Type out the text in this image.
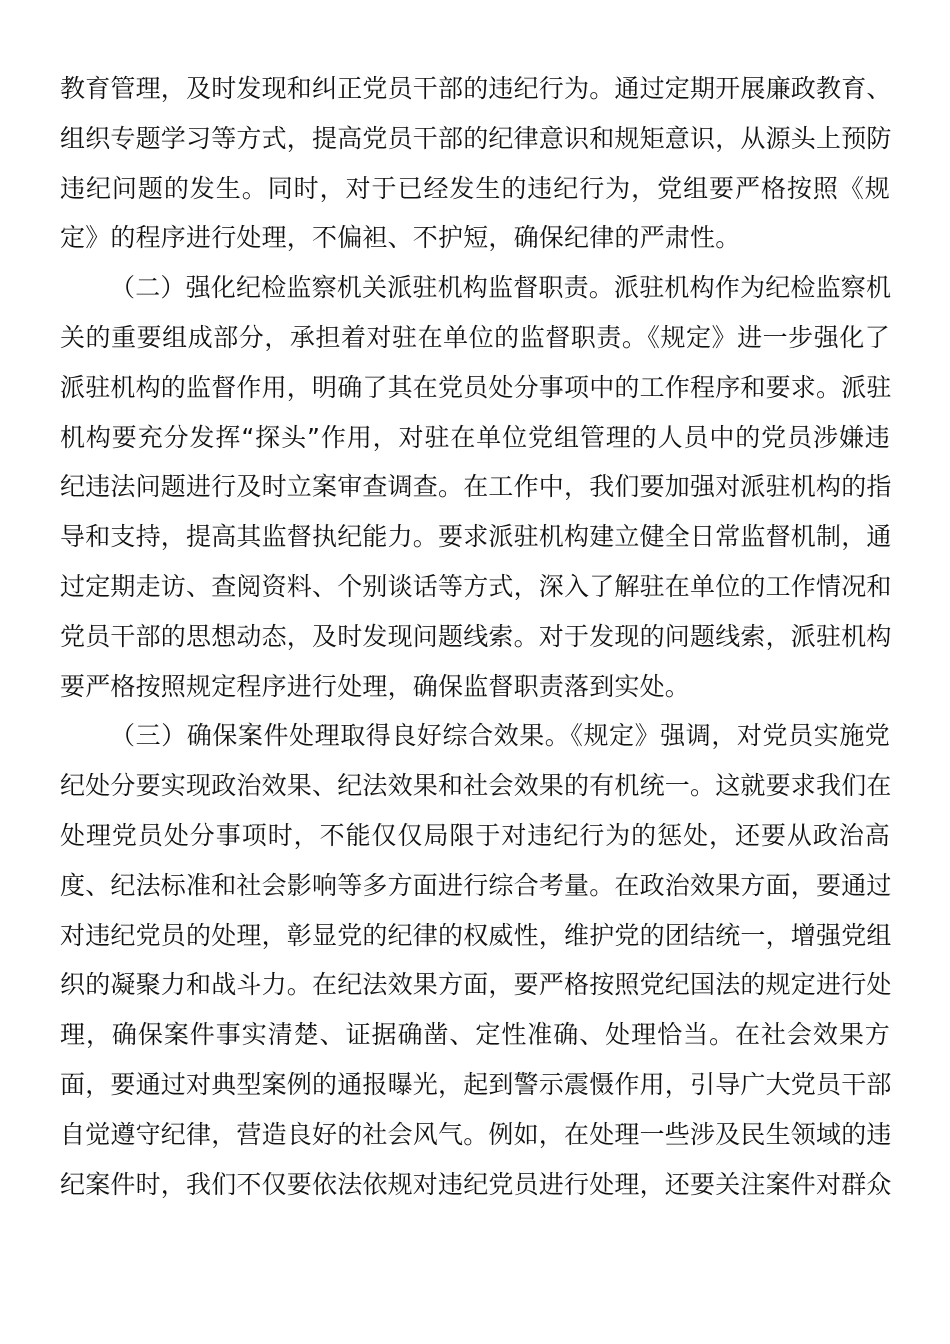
教育管理，及时发现和纠正党员干部的违纪行为。通过定期开展廉政教育、
组织专题学习等方式，提高党员干部的纪律意识和规矩意识，从源头上预防
违纪问题的发生。同时，对于已经发生的违纪行为，党组要严格按照《规
定》的程序进行处理，不偏袒、不护短，确保纪律的严肃性。
（二）强化纪检监察机关派驻机构监督职责。派驻机构作为纪检监察机
关的重要组成部分，承担着对驻在单位的监督职责。《规定》进一步强化了
派驻机构的监督作用，明确了其在党员处分事项中的工作程序和要求。派驻
机构要充分发挥“探头”作用，对驻在单位党组管理的人员中的党员涉嫌违
纪违法问题进行及时立案审查调查。在工作中，我们要加强对派驻机构的指
导和支持，提高其监督执纪能力。要求派驻机构建立健全日常监督机制，通
过定期走访、查阅资料、个别谈话等方式，深入了解驻在单位的工作情况和
党员干部的思想动态，及时发现问题线索。对于发现的问题线索，派驻机构
要严格按照规定程序进行处理，确保监督职责落到实处。
（三）确保案件处理取得良好综合效果。《规定》强调，对党员实施党
纪处分要实现政治效果、纪法效果和社会效果的有机统一。这就要求我们在
处理党员处分事项时，不能仅仅局限于对违纪行为的惩处，还要从政治高
度、纪法标准和社会影响等多方面进行综合考量。在政治效果方面，要通过
对违纪党员的处理，彰显党的纪律的权威性，维护党的团结统一，增强党组
织的凝聚力和战斗力。在纪法效果方面，要严格按照党纪国法的规定进行处
理，确保案件事实清楚、证据确凿、定性准确、处理恰当。在社会效果方
面，要通过对典型案例的通报曝光，起到警示震慑作用，引导广大党员干部
自觉遵守纪律，营造良好的社会风气。例如，在处理一些涉及民生领域的违
纪案件时，我们不仅要依法依规对违纪党员进行处理，还要关注案件对群众
